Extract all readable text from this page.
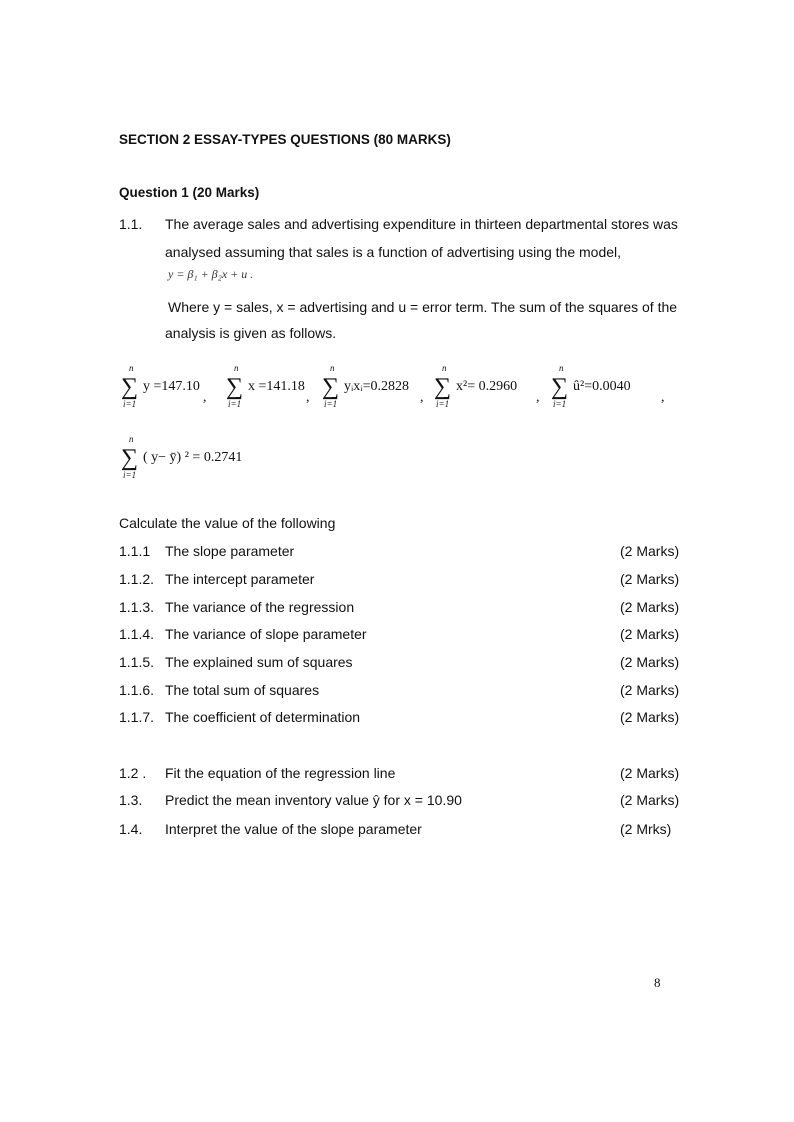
SECTION 2 ESSAY-TYPES QUESTIONS (80 MARKS)
Question 1 (20 Marks)
1.1. The average sales and advertising expenditure in thirteen departmental stores was
analysed assuming that sales is a function of advertising using the model,
y = β₁ + β₂x + u .
Where y = sales, x = advertising and u = error term. The sum of the squares of the
analysis is given as follows.
n
∑
i=1
y =147.10
,
n
∑
i=1
x =141.18
,
n
∑
i=1
yᵢxᵢ=0.2828
,
n
∑
i=1
x²= 0.2960
,
n
∑
i=1
û²=0.0040
,
n
∑
i=1
( y− ȳ) ² = 0.2741
Calculate the value of the following
1.1.1 The slope parameter	(2 Marks)
1.1.2. The intercept parameter	(2 Marks)
1.1.3. The variance of the regression	(2 Marks)
1.1.4. The variance of slope parameter	(2 Marks)
1.1.5. The explained sum of squares	(2 Marks)
1.1.6. The total sum of squares	(2 Marks)
1.1.7. The coefficient of determination	(2 Marks)
1.2 . Fit the equation of the regression line	(2 Marks)
1.3. Predict the mean inventory value ŷ for x = 10.90	(2 Marks)
1.4. Interpret the value of the slope parameter	(2 Mrks)
8
